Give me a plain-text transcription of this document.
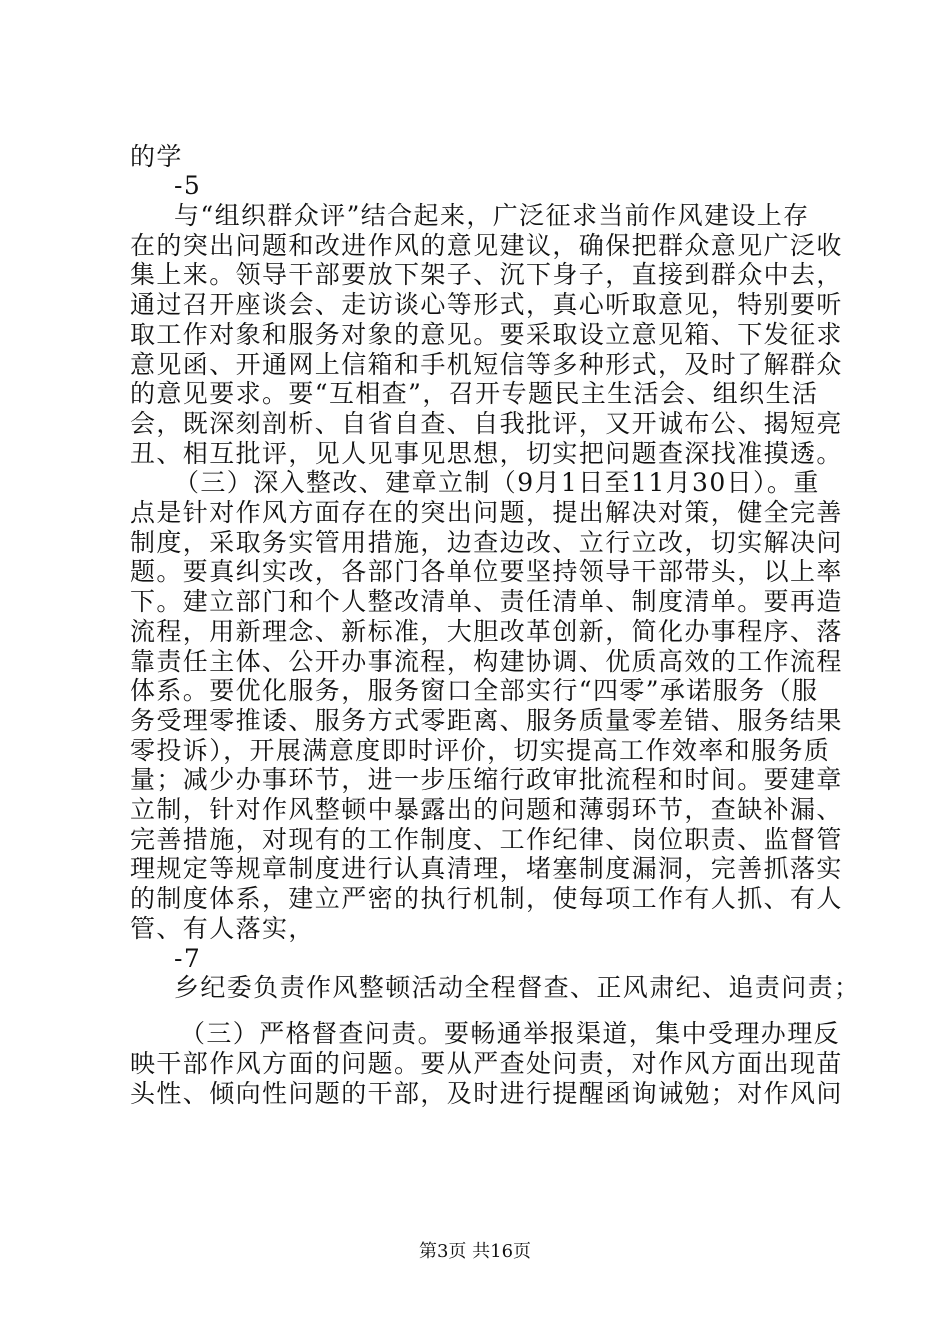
的学

-5

与“组织群众评”结合起来，广泛征求当前作风建设上存

在的突出问题和改进作风的意见建议，确保把群众意见广泛收

集上来。领导干部要放下架子、沉下身子，直接到群众中去，

通过召开座谈会、走访谈心等形式，真心听取意见，特别要听

取工作对象和服务对象的意见。要采取设立意见箱、下发征求

意见函、开通网上信箱和手机短信等多种形式，及时了解群众

的意见要求。要“互相查”，召开专题民主生活会、组织生活

会，既深刻剖析、自省自查、自我批评，又开诚布公、揭短亮

丑、相互批评，见人见事见思想，切实把问题查深找准摸透。

（三）深入整改、建章立制（9月1日至11月30日）。重

点是针对作风方面存在的突出问题，提出解决对策，健全完善

制度，采取务实管用措施，边查边改、立行立改，切实解决问

题。要真纠实改，各部门各单位要坚持领导干部带头，以上率

下。建立部门和个人整改清单、责任清单、制度清单。要再造

流程，用新理念、新标准，大胆改革创新，简化办事程序、落

靠责任主体、公开办事流程，构建协调、优质高效的工作流程

体系。要优化服务，服务窗口全部实行“四零”承诺服务（服

务受理零推诿、服务方式零距离、服务质量零差错、服务结果

零投诉），开展满意度即时评价，切实提高工作效率和服务质

量；减少办事环节，进一步压缩行政审批流程和时间。要建章

立制，针对作风整顿中暴露出的问题和薄弱环节，查缺补漏、

完善措施，对现有的工作制度、工作纪律、岗位职责、监督管

理规定等规章制度进行认真清理，堵塞制度漏洞，完善抓落实

的制度体系，建立严密的执行机制，使每项工作有人抓、有人

管、有人落实，

-7

乡纪委负责作风整顿活动全程督查、正风肃纪、追责问责；

（三）严格督查问责。要畅通举报渠道，集中受理办理反

映干部作风方面的问题。要从严查处问责，对作风方面出现苗

头性、倾向性问题的干部，及时进行提醒函询诫勉；对作风问

第3页 共16页
